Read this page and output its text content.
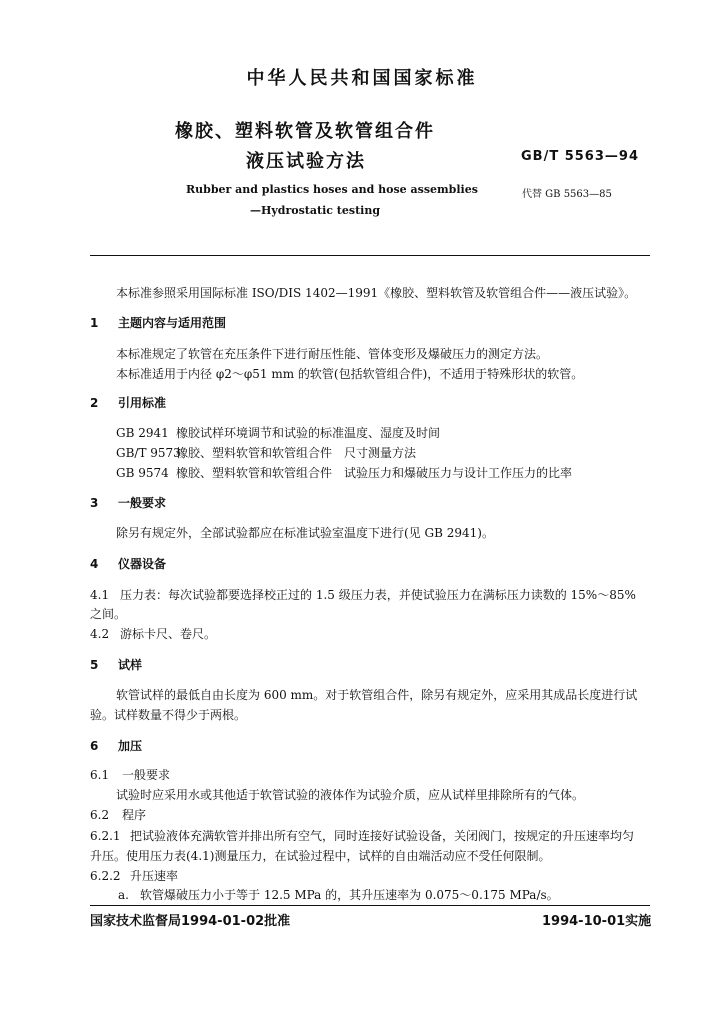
中华人民共和国国家标准
橡胶、塑料软管及软管组合件
液压试验方法	GB/T 5563—94
Rubber and plastics hoses and hose assemblies
—Hydrostatic testing
代替 GB 5563—85
本标准参照采用国际标准 ISO/DIS 1402—1991《橡胶、塑料软管及软管组合件——液压试验》。
1 主题内容与适用范围
本标准规定了软管在充压条件下进行耐压性能、管体变形及爆破压力的测定方法。
本标准适用于内径 φ2～φ51 mm 的软管(包括软管组合件)，不适用于特殊形状的软管。
2 引用标准
GB 2941 橡胶试样环境调节和试验的标准温度、湿度及时间
GB/T 9573橡胶、塑料软管和软管组合件　尺寸测量方法
GB 9574 橡胶、塑料软管和软管组合件　试验压力和爆破压力与设计工作压力的比率
3 一般要求
除另有规定外，全部试验都应在标准试验室温度下进行(见 GB 2941)。
4 仪器设备
4.1 压力表：每次试验都要选择校正过的 1.5 级压力表，并使试验压力在满标压力读数的 15%～85%
之间。
4.2 游标卡尺、卷尺。
5 试样
软管试样的最低自由长度为 600 mm。对于软管组合件，除另有规定外，应采用其成品长度进行试
验。试样数量不得少于两根。
6 加压
6.1 一般要求
试验时应采用水或其他适于软管试验的液体作为试验介质，应从试样里排除所有的气体。
6.2 程序
6.2.1 把试验液体充满软管并排出所有空气，同时连接好试验设备，关闭阀门，按规定的升压速率均匀
升压。使用压力表(4.1)测量压力，在试验过程中，试样的自由端活动应不受任何限制。
6.2.2 升压速率
a. 软管爆破压力小于等于 12.5 MPa 的，其升压速率为 0.075～0.175 MPa/s。
国家技术监督局1994-01-02批准	1994-10-01实施
